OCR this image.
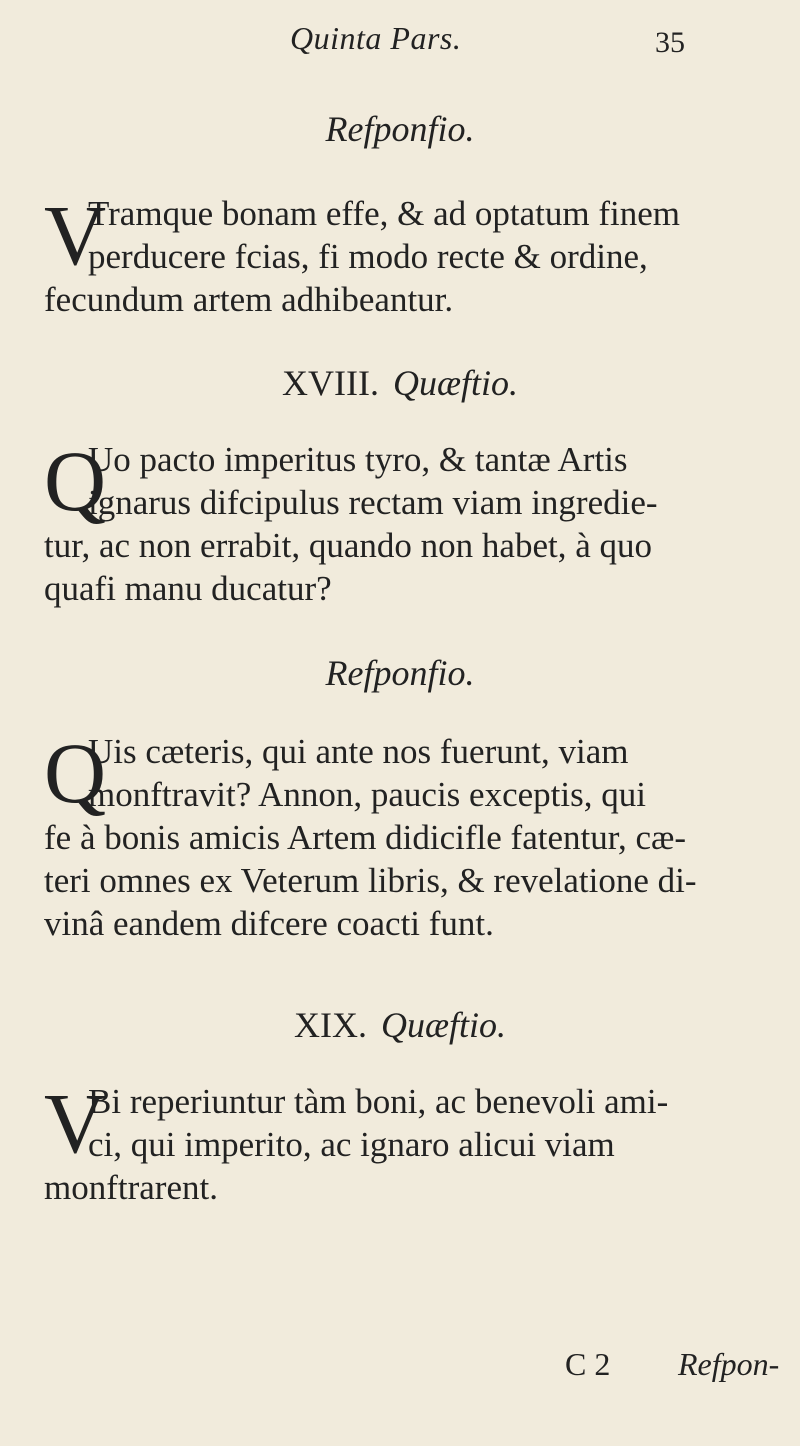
Quinta Pars.	35
Refponfio.
V
Tramque bonam effe, & ad optatum finem
perducere fcias, fi modo recte & ordine,
fecundum artem adhibeantur.
XVIII. Quæftio.
Q
Uo pacto imperitus tyro, & tantæ Artis
ignarus difcipulus rectam viam ingredie-
tur, ac non errabit, quando non habet, à quo
quafi manu ducatur?
Refponfio.
Q
Uis cæteris, qui ante nos fuerunt, viam
monftravit? Annon, paucis exceptis, qui
fe à bonis amicis Artem didicifle fatentur, cæ-
teri omnes ex Veterum libris, & revelatione di-
vinâ eandem difcere coacti funt.
XIX. Quæftio.
V
Bi reperiuntur tàm boni, ac benevoli ami-
ci, qui imperito, ac ignaro alicui viam
monftrarent.
C 2 Refpon-
